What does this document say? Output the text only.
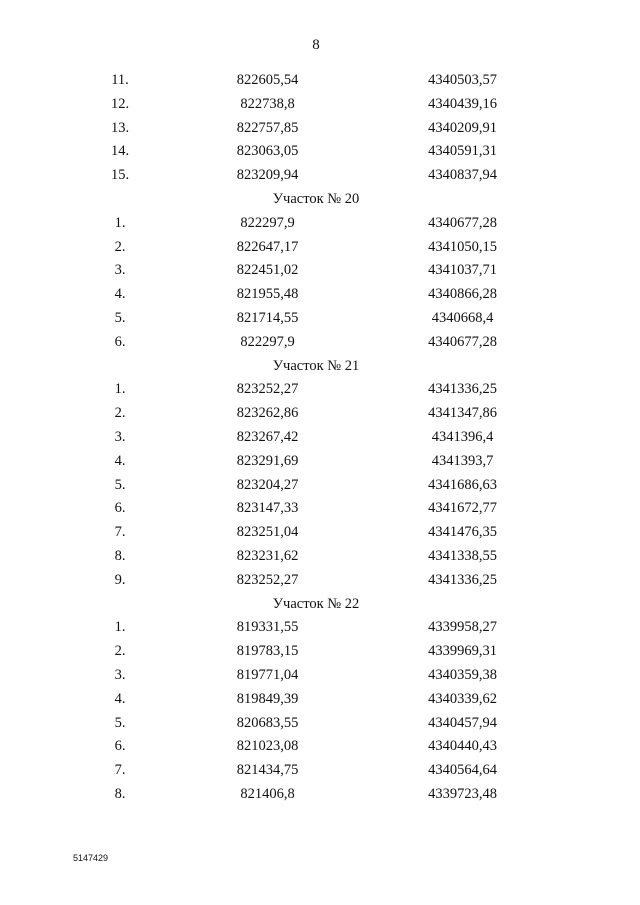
8
11.	822605,54	4340503,57
12.	822738,8	4340439,16
13.	822757,85	4340209,91
14.	823063,05	4340591,31
15.	823209,94	4340837,94
Участок № 20
1.	822297,9	4340677,28
2.	822647,17	4341050,15
3.	822451,02	4341037,71
4.	821955,48	4340866,28
5.	821714,55	4340668,4
6.	822297,9	4340677,28
Участок № 21
1.	823252,27	4341336,25
2.	823262,86	4341347,86
3.	823267,42	4341396,4
4.	823291,69	4341393,7
5.	823204,27	4341686,63
6.	823147,33	4341672,77
7.	823251,04	4341476,35
8.	823231,62	4341338,55
9.	823252,27	4341336,25
Участок № 22
1.	819331,55	4339958,27
2.	819783,15	4339969,31
3.	819771,04	4340359,38
4.	819849,39	4340339,62
5.	820683,55	4340457,94
6.	821023,08	4340440,43
7.	821434,75	4340564,64
8.	821406,8	4339723,48
5147429
